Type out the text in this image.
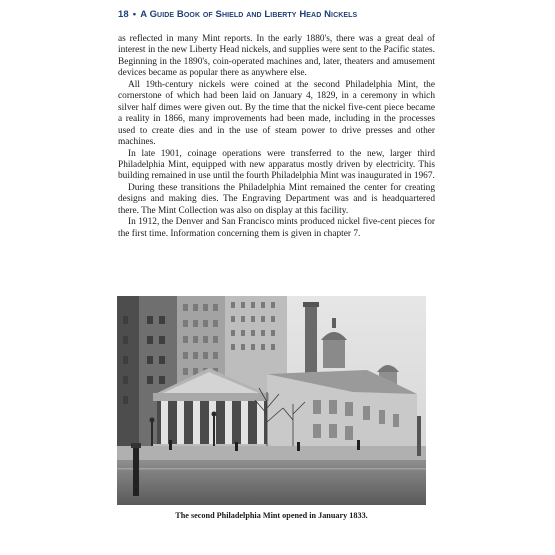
18 • A Guide Book of Shield and Liberty Head Nickels

as reflected in many Mint reports. In the early 1880's, there was a great deal of interest in the new Liberty Head nickels, and supplies were sent to the Pacific states. Beginning in the 1890's, coin-operated machines and, later, theaters and amusement devices became as popular there as anywhere else.

All 19th-century nickels were coined at the second Philadelphia Mint, the cornerstone of which had been laid on January 4, 1829, in a ceremony in which silver half dimes were given out. By the time that the nickel five-cent piece became a reality in 1866, many improvements had been made, including in the processes used to create dies and in the use of steam power to drive presses and other machines.

In late 1901, coinage operations were transferred to the new, larger third Philadelphia Mint, equipped with new apparatus mostly driven by electricity. This building remained in use until the fourth Philadelphia Mint was inaugurated in 1967.

During these transitions the Philadelphia Mint remained the center for creating designs and making dies. The Engraving Department was and is headquartered there. The Mint Collection was also on display at this facility.

In 1912, the Denver and San Francisco mints produced nickel five-cent pieces for the first time. Information concerning them is given in chapter 7.

The second Philadelphia Mint opened in January 1833.
